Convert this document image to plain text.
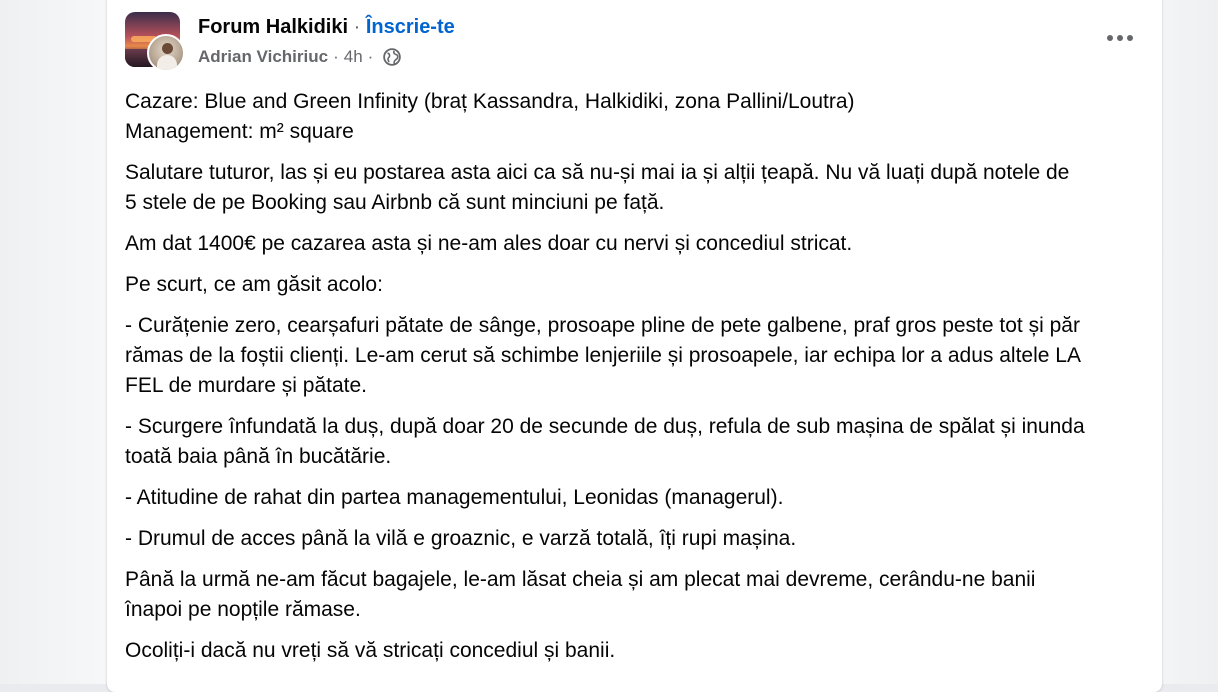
Forum Halkidiki · Înscrie-te
Adrian Vichiriuc · 4h ·

Cazare: Blue and Green Infinity (braț Kassandra, Halkidiki, zona Pallini/Loutra)
Management: m² square

Salutare tuturor, las și eu postarea asta aici ca să nu-și mai ia și alții țeapă. Nu vă luați după notele de
5 stele de pe Booking sau Airbnb că sunt minciuni pe față.

Am dat 1400€ pe cazarea asta și ne-am ales doar cu nervi și concediul stricat.

Pe scurt, ce am găsit acolo:

- Curățenie zero, cearșafuri pătate de sânge, prosoape pline de pete galbene, praf gros peste tot și păr
rămas de la foștii clienți. Le-am cerut să schimbe lenjeriile și prosoapele, iar echipa lor a adus altele LA
FEL de murdare și pătate.

- Scurgere înfundată la duș, după doar 20 de secunde de duș, refula de sub mașina de spălat și inunda
toată baia până în bucătărie.

- Atitudine de rahat din partea managementului, Leonidas (managerul).

- Drumul de acces până la vilă e groaznic, e varză totală, îți rupi mașina.

Până la urmă ne-am făcut bagajele, le-am lăsat cheia și am plecat mai devreme, cerându-ne banii
înapoi pe nopțile rămase.

Ocoliți-i dacă nu vreți să vă stricați concediul și banii.
